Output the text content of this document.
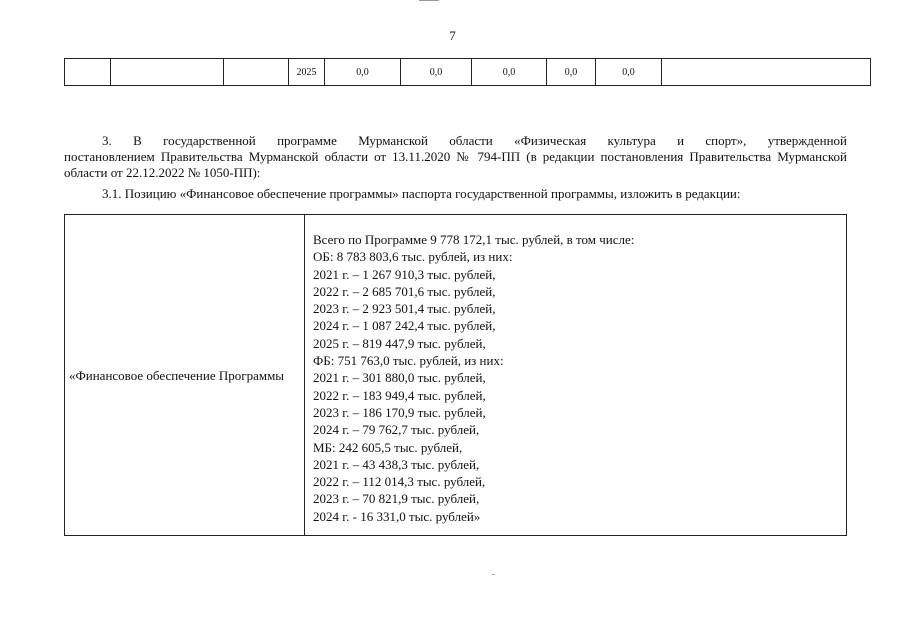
7
			2025	0,0	0,0	0,0	0,0	0,0	
3. В государственной программе Мурманской области «Физическая культура и спорт», утвержденной
постановлением Правительства Мурманской области от 13.11.2020 № 794-ПП (в редакции постановления Правительства Мурманской области от 22.12.2022 № 1050-ПП):
3.1. Позицию «Финансовое обеспечение программы» паспорта государственной программы, изложить в редакции:
«Финансовое обеспечение Программы

Всего по Программе 9 778 172,1 тыс. рублей, в том числе:
ОБ: 8 783 803,6 тыс. рублей, из них:
2021 г. – 1 267 910,3 тыс. рублей,
2022 г. – 2 685 701,6 тыс. рублей,
2023 г. – 2 923 501,4 тыс. рублей,
2024 г. – 1 087 242,4 тыс. рублей,
2025 г. – 819 447,9 тыс. рублей,
ФБ: 751 763,0 тыс. рублей, из них:
2021 г. – 301 880,0 тыс. рублей,
2022 г. – 183 949,4 тыс. рублей,
2023 г. – 186 170,9 тыс. рублей,
2024 г. – 79 762,7 тыс. рублей,
МБ: 242 605,5 тыс. рублей,
2021 г. – 43 438,3 тыс. рублей,
2022 г. – 112 014,3 тыс. рублей,
2023 г. – 70 821,9 тыс. рублей,
2024 г. - 16 331,0 тыс. рублей»
